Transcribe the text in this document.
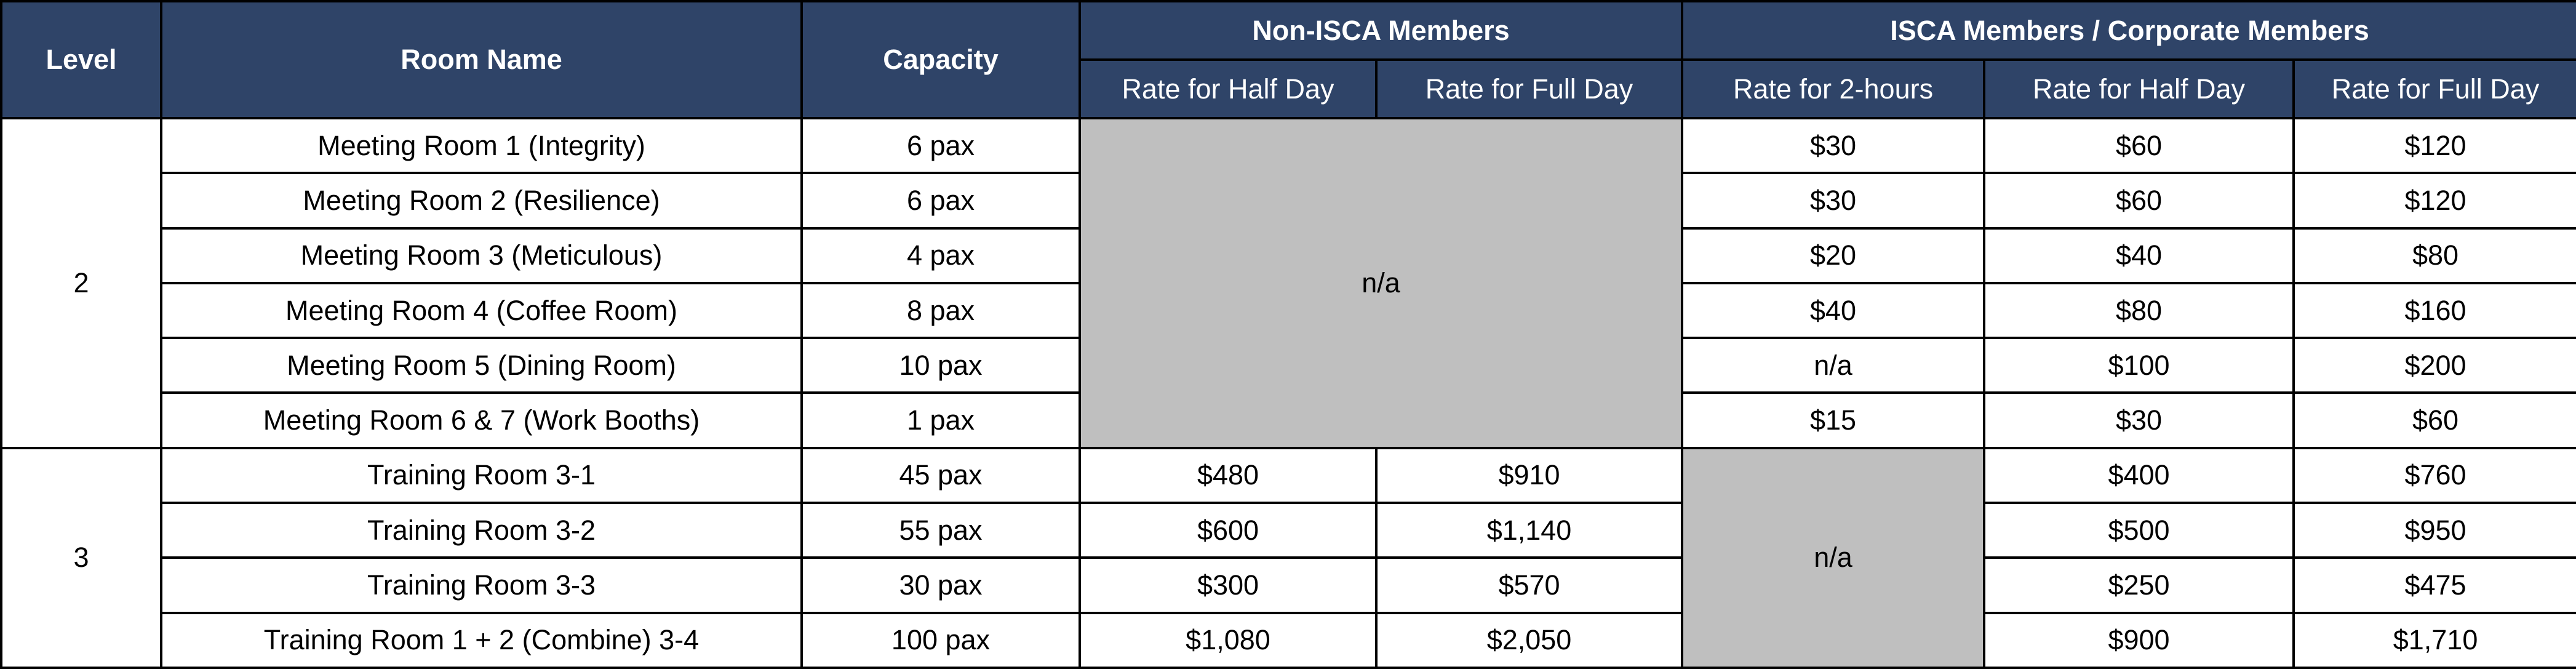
Level	Room Name	Capacity	Non-ISCA Members		ISCA Members / Corporate Members		
			Rate for Half Day	Rate for Full Day	Rate for 2-hours	Rate for Half Day	Rate for Full Day
2	Meeting Room 1 (Integrity)	6 pax	n/a		$30	$60	$120
	Meeting Room 2 (Resilience)	6 pax			$30	$60	$120
	Meeting Room 3 (Meticulous)	4 pax			$20	$40	$80
	Meeting Room 4 (Coffee Room)	8 pax			$40	$80	$160
	Meeting Room 5 (Dining Room)	10 pax			n/a	$100	$200
	Meeting Room 6 & 7 (Work Booths)	1 pax			$15	$30	$60
3	Training Room 3-1	45 pax	$480	$910	n/a	$400	$760
	Training Room 3-2	55 pax	$600	$1,140		$500	$950
	Training Room 3-3	30 pax	$300	$570		$250	$475
	Training Room 1 + 2 (Combine) 3-4	100 pax	$1,080	$2,050		$900	$1,710
